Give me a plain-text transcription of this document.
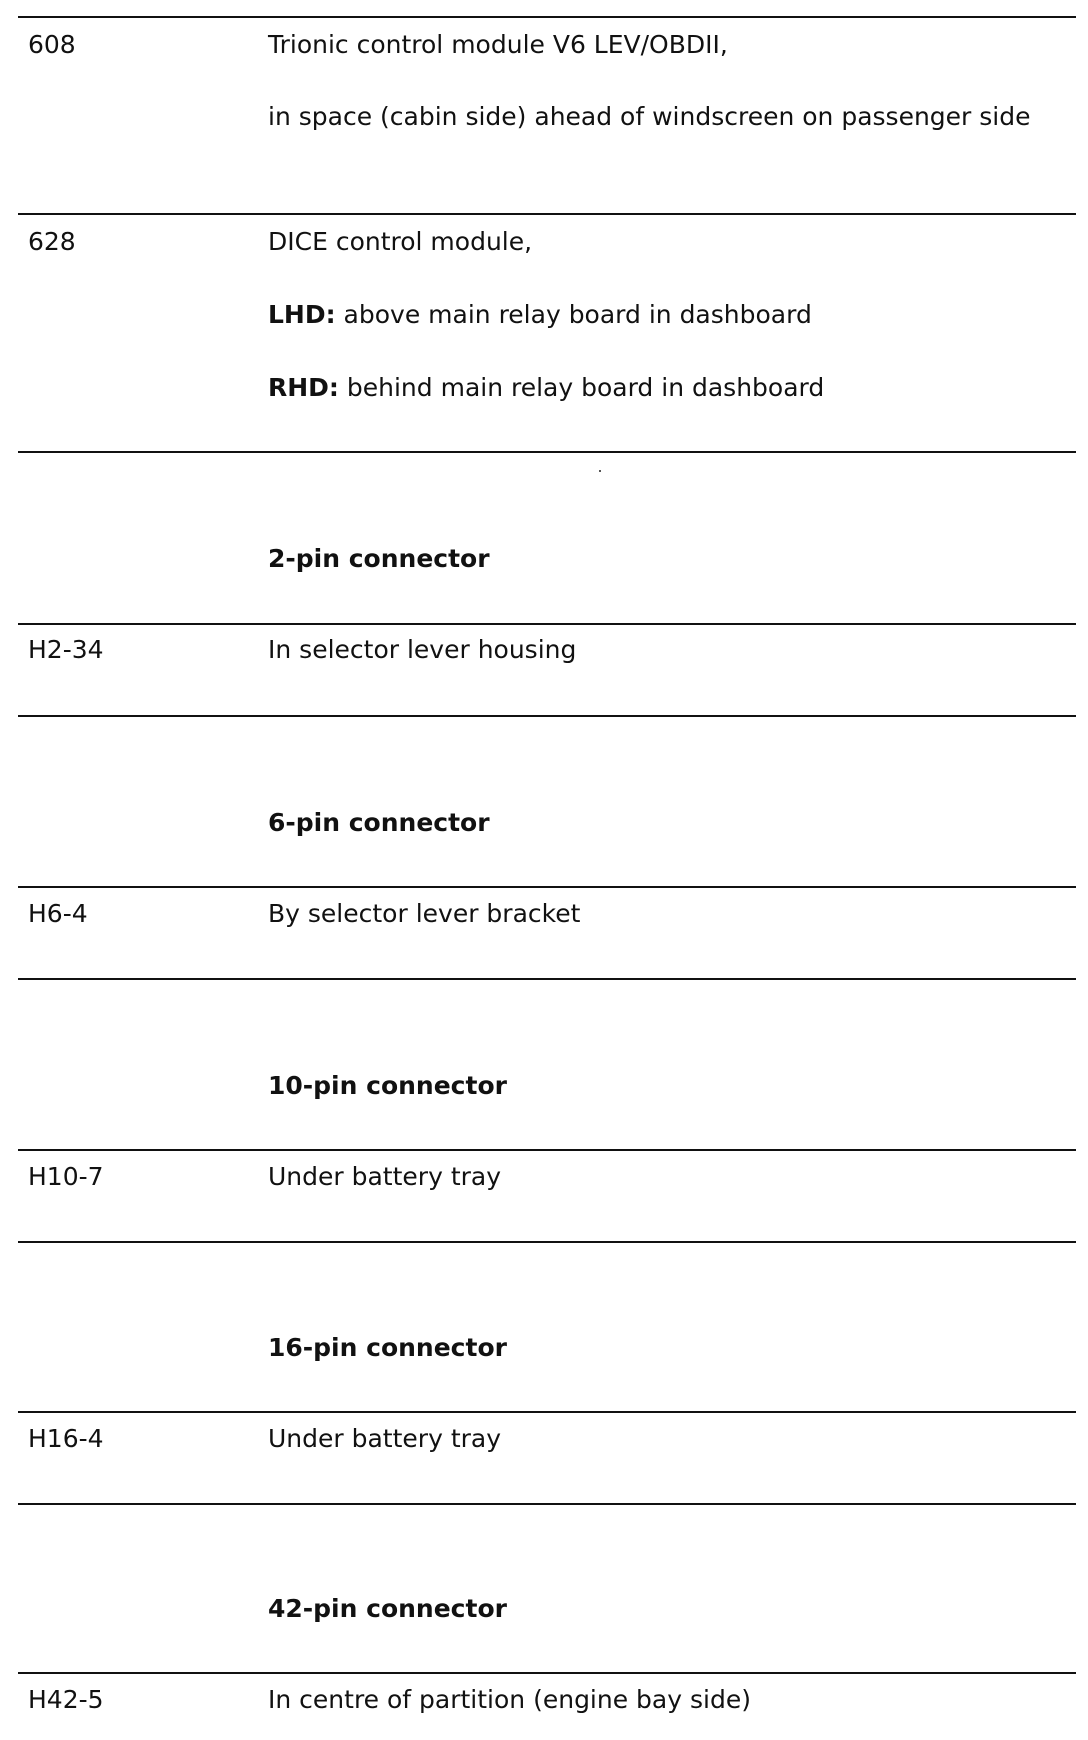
608	Trionic control module V6 LEV/OBDII,
in space (cabin side) ahead of windscreen on passenger side
628	DICE control module,
LHD: above main relay board in dashboard
RHD: behind main relay board in dashboard
2-pin connector
H2-34	In selector lever housing
6-pin connector
H6-4	By selector lever bracket
10-pin connector
H10-7	Under battery tray
16-pin connector
H16-4	Under battery tray
42-pin connector
H42-5	In centre of partition (engine bay side)
